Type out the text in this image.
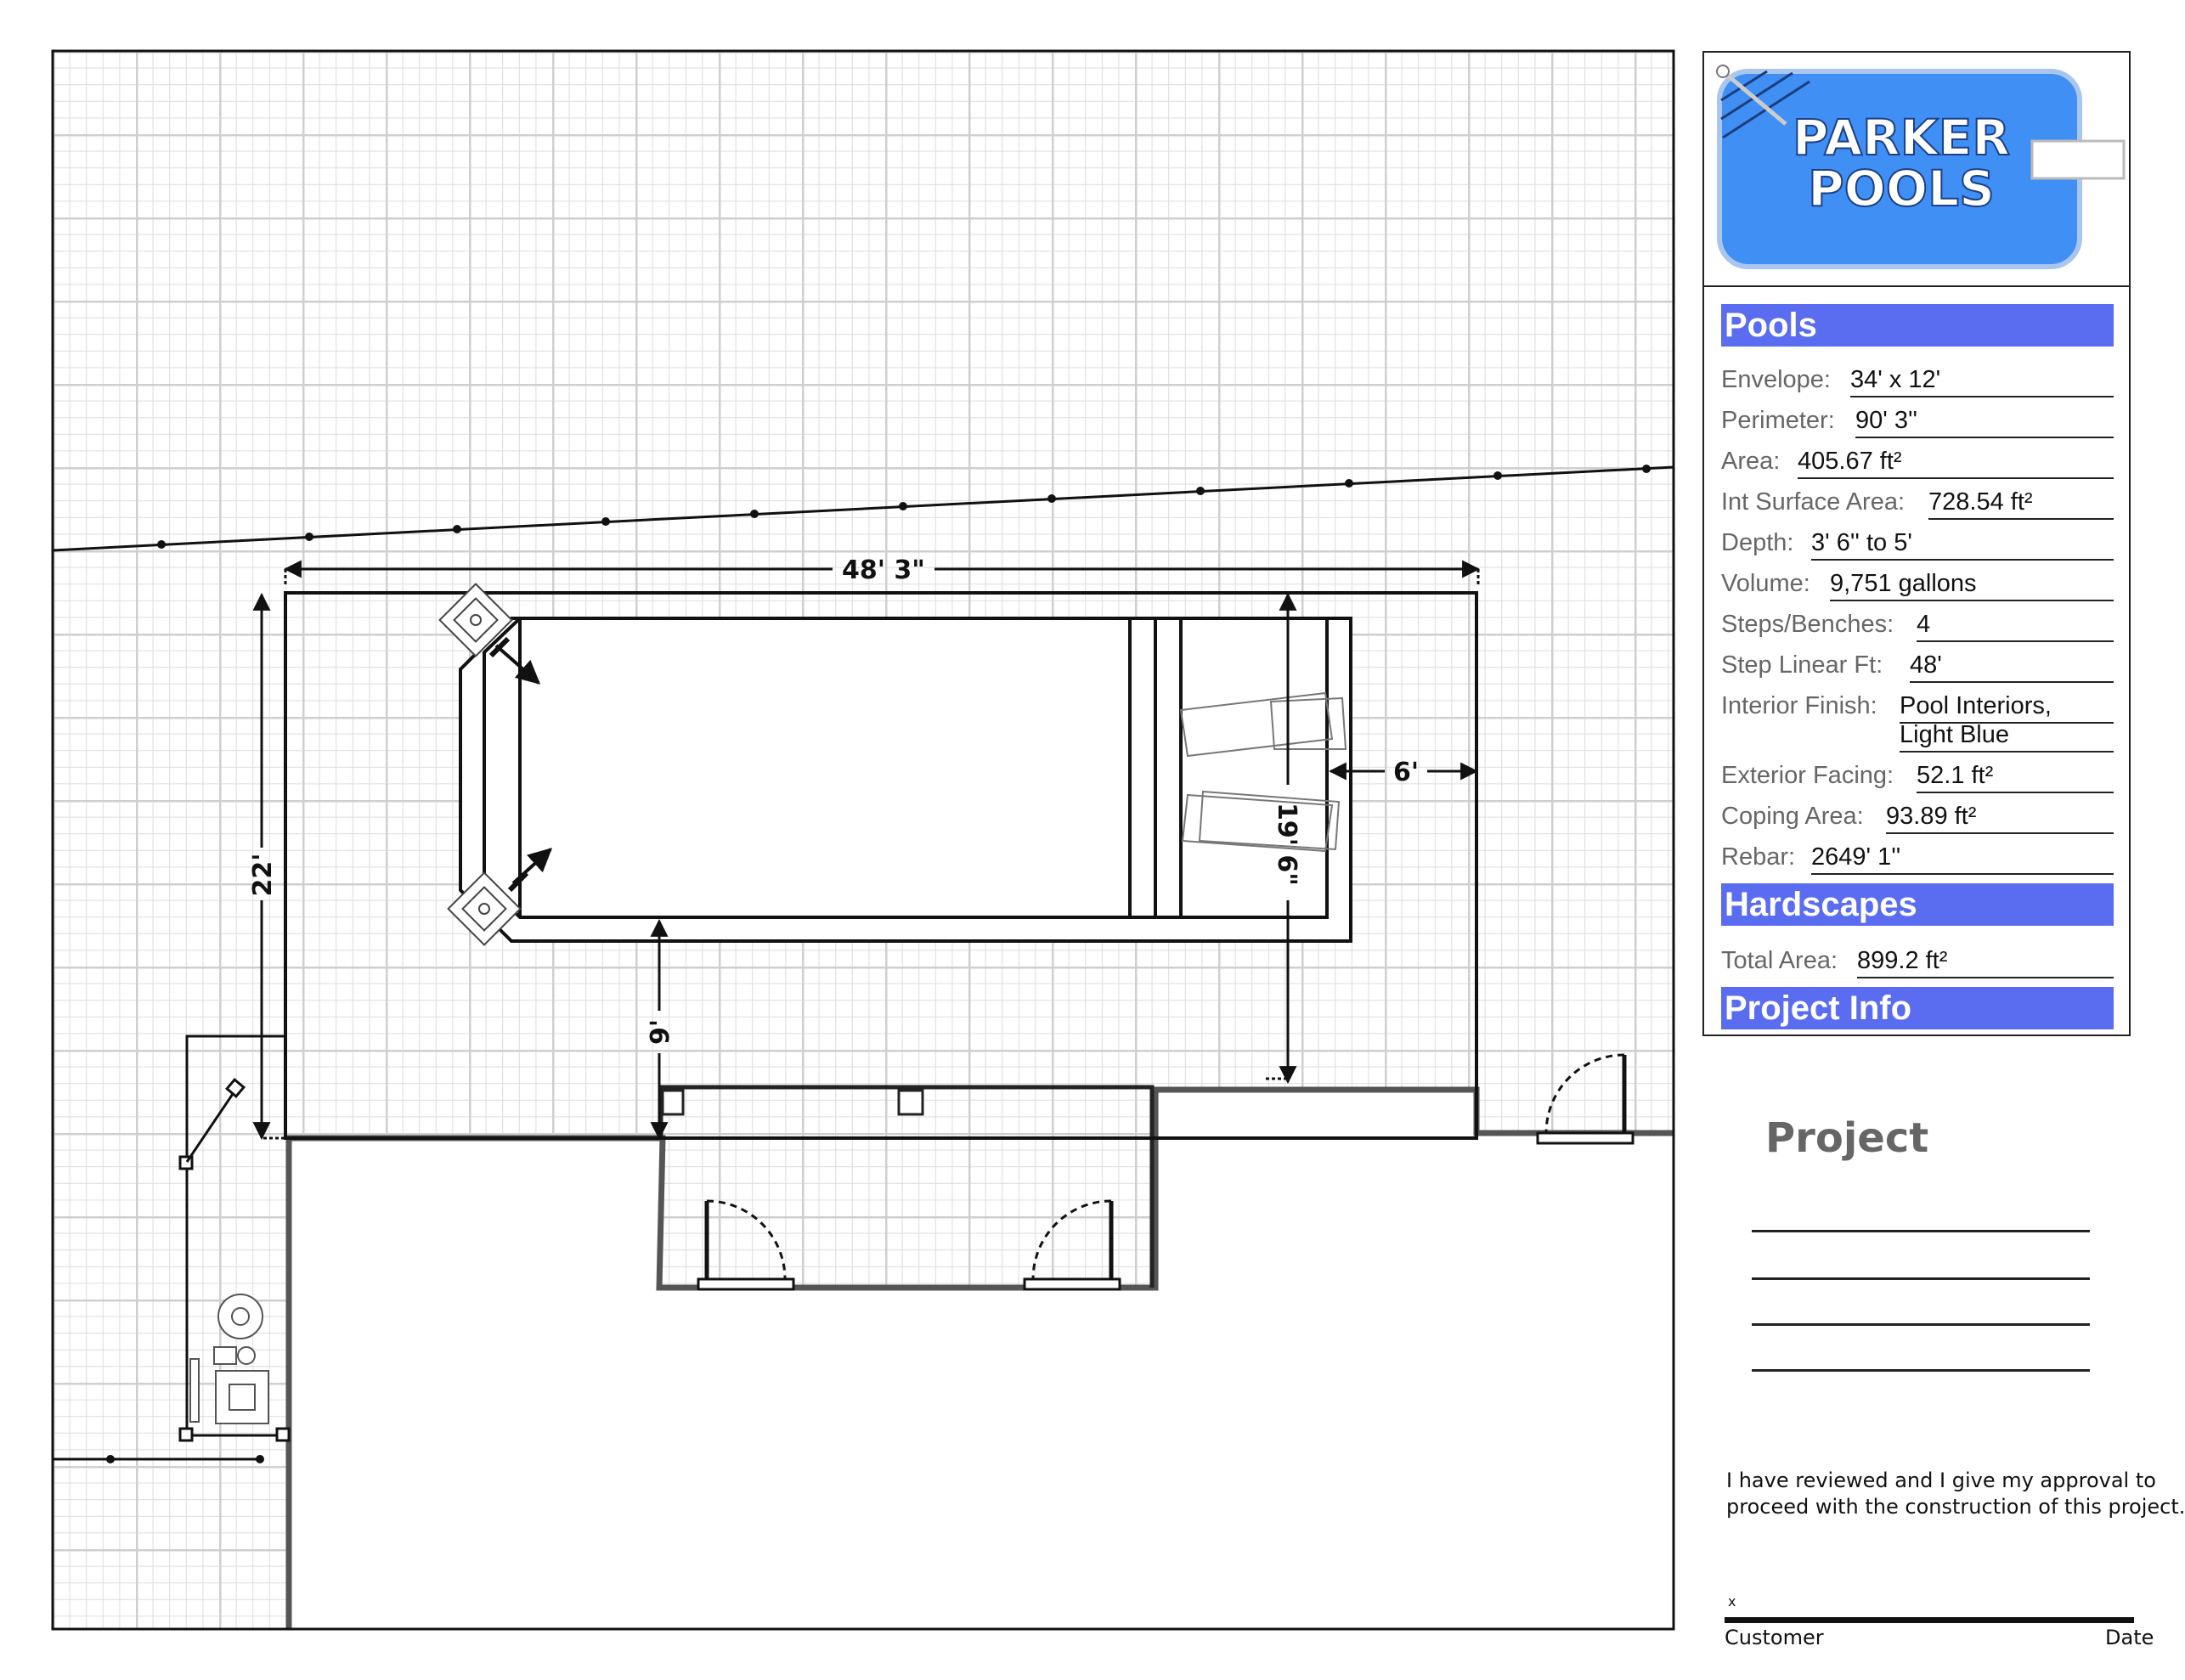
48' 3"
22'	19' 6"
6'
9'
PARKER
POOLS
Pools
Envelope: 34' x 12'
Perimeter: 90' 3''
Area: 405.67 ft²
Int Surface Area: 728.54 ft²
Depth: 3' 6'' to 5'
Volume: 9,751 gallons
Steps/Benches: 4
Step Linear Ft: 48'
Interior Finish: Pool Interiors,
Light Blue
Exterior Facing: 52.1 ft²
Coping Area: 93.89 ft²
Rebar: 2649' 1''
Hardscapes
Total Area: 899.2 ft²
Project Info
Project
I have reviewed and I give my approval to
proceed with the construction of this project.
x
Customer	Date
